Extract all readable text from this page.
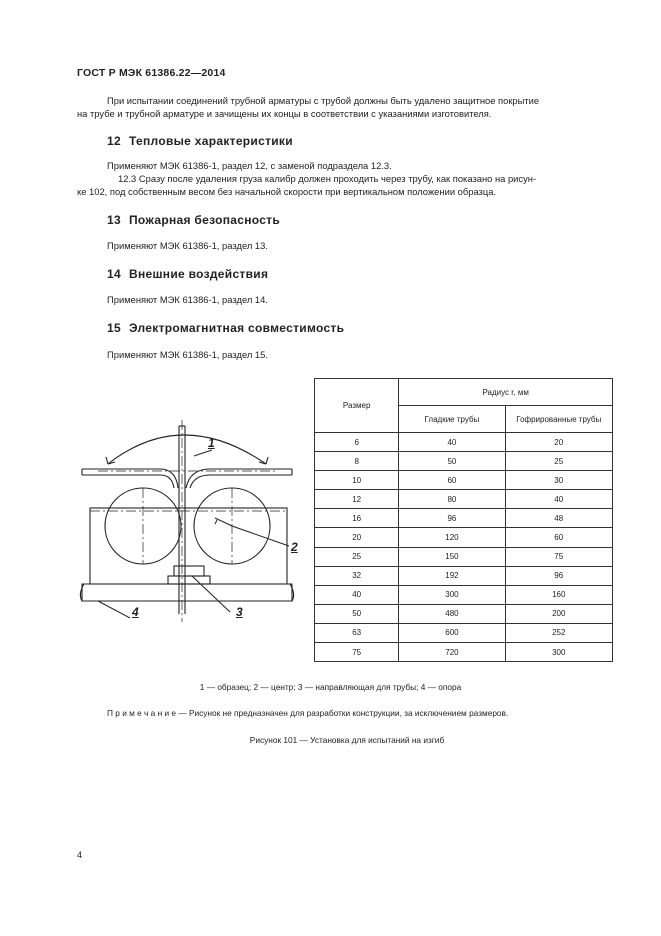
ГОСТ Р МЭК 61386.22—2014
При испытании соединений трубной арматуры с трубой должны быть удалено защитное покрытие
на трубе и трубной арматуре и зачищены их концы в соответствии с указаниями изготовителя.
12 Тепловые характеристики
Применяют МЭК 61386-1, раздел 12, с заменой подраздела 12.3.
12.3 Сразу после удаления груза калибр должен проходить через трубу, как показано на рисун-
ке 102, под собственным весом без начальной скорости при вертикальном положении образца.
13 Пожарная безопасность
Применяют МЭК 61386-1, раздел 13.
14 Внешние воздействия
Применяют МЭК 61386-1, раздел 14.
15 Электромагнитная совместимость
Применяют МЭК 61386-1, раздел 15.
1
2
3
4
Размер	Радиус r, мм	
	Гладкие трубы	Гофрированные трубы
6	40	20
8	50	25
10	60	30
12	80	40
16	96	48
20	120	60
25	150	75
32	192	96
40	300	160
50	480	200
63	600	252
75	720	300
1 — образец; 2 — центр; 3 — направляющая для трубы; 4 — опора
П р и м е ч а н и е — Рисунок не предназначен для разработки конструкции, за исключением размеров.
Рисунок 101 — Установка для испытаний на изгиб
4
